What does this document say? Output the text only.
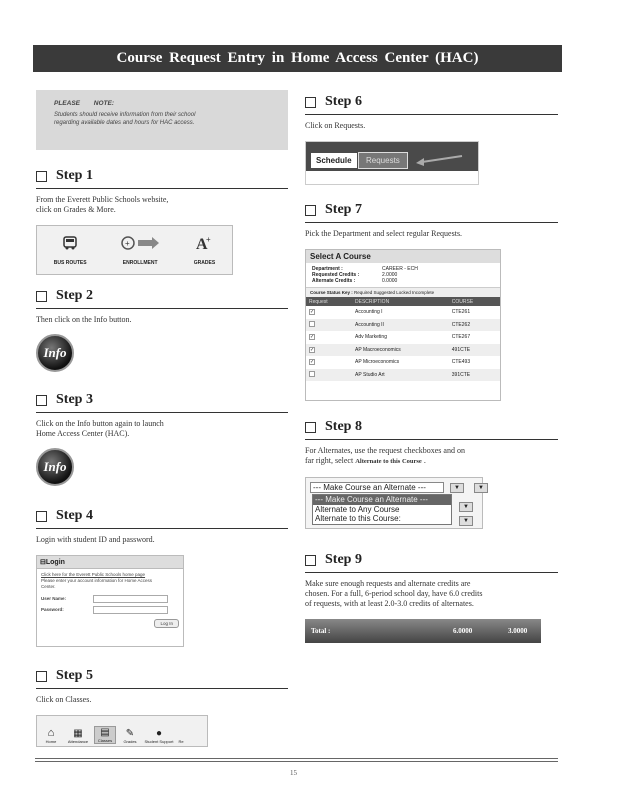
Course Request Entry in Home Access Center (HAC)
PLEASE NOTE:
Students should receive information from their school
regarding available dates and hours for HAC access.
Step 1
From the Everett Public Schools website,
click on Grades & More.
BUS ROUTES
+
ENROLLMENT
A
+
GRADES
Step 2
Then click on the Info button.
Info
Step 3
Click on the Info button again to launch
Home Access Center (HAC).
Info
Step 4
Login with student ID and password.
⊟Login
Click here for the Everett Public Schools home page
Please enter your account information for Home Access
Center.
User Name:
Password:
Log In
Step 5
Click on Classes.
⌂
Home
▦
Attendance
▤
Classes
✎
Grades
●
Student Support
	Re
Step 6
Click on Requests.
Schedule	Requests
Step 7
Pick the Department and select regular Requests.
Select A Course
Department :	CAREER - ECH
Requested Credits :	2.0000
Alternate Credits :	0.0000
Course Status Key : Required Suggested Locked Incomplete
Request	DESCRIPTION	COURSE
✓	Accounting I	CTE261
	Accounting II	CTE262
✓	Adv Marketing	CTE267
✓	AP Macroeconomics	491CTE
✓	AP Microeconomics	CTE493
	AP Studio Art	391CTE
Step 8
For Alternates, use the request checkboxes and on
far right, select Alternate to this Course .
--- Make Course an Alternate ---	▼	▼
--- Make Course an Alternate ---
Alternate to Any Course
Alternate to this Course:
▼
▼
Step 9
Make sure enough requests and alternate credits are
chosen. For a full, 6-period school day, have 6.0 credits
of requests, with at least 2.0-3.0 credits of alternates.
Total :	6.0000	3.0000
15
